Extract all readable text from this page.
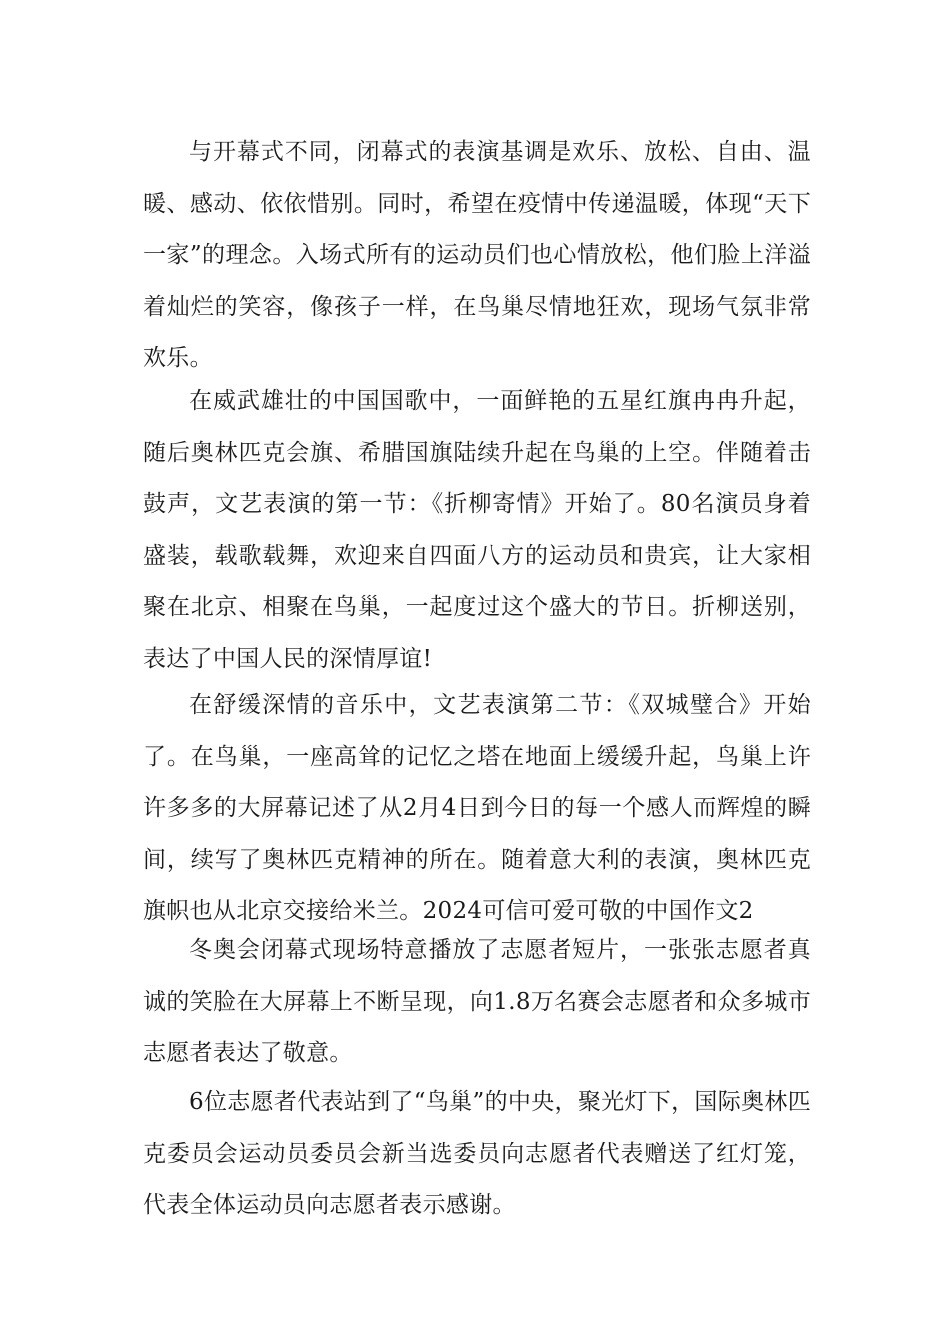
与开幕式不同，闭幕式的表演基调是欢乐、放松、自由、温暖、感动、依依惜别。同时，希望在疫情中传递温暖，体现“天下一家”的理念。入场式所有的运动员们也心情放松，他们脸上洋溢着灿烂的笑容，像孩子一样，在鸟巢尽情地狂欢，现场气氛非常欢乐。

在威武雄壮的中国国歌中，一面鲜艳的五星红旗冉冉升起，随后奥林匹克会旗、希腊国旗陆续升起在鸟巢的上空。伴随着击鼓声，文艺表演的第一节：《折柳寄情》开始了。80名演员身着盛装，载歌载舞，欢迎来自四面八方的运动员和贵宾，让大家相聚在北京、相聚在鸟巢，一起度过这个盛大的节日。折柳送别，表达了中国人民的深情厚谊!

在舒缓深情的音乐中，文艺表演第二节：《双城璧合》开始了。在鸟巢，一座高耸的记忆之塔在地面上缓缓升起，鸟巢上许许多多的大屏幕记述了从2月4日到今日的每一个感人而辉煌的瞬间，续写了奥林匹克精神的所在。随着意大利的表演，奥林匹克旗帜也从北京交接给米兰。2024可信可爱可敬的中国作文2

冬奥会闭幕式现场特意播放了志愿者短片，一张张志愿者真诚的笑脸在大屏幕上不断呈现，向1.8万名赛会志愿者和众多城市志愿者表达了敬意。

6位志愿者代表站到了“鸟巢”的中央，聚光灯下，国际奥林匹克委员会运动员委员会新当选委员向志愿者代表赠送了红灯笼，代表全体运动员向志愿者表示感谢。
